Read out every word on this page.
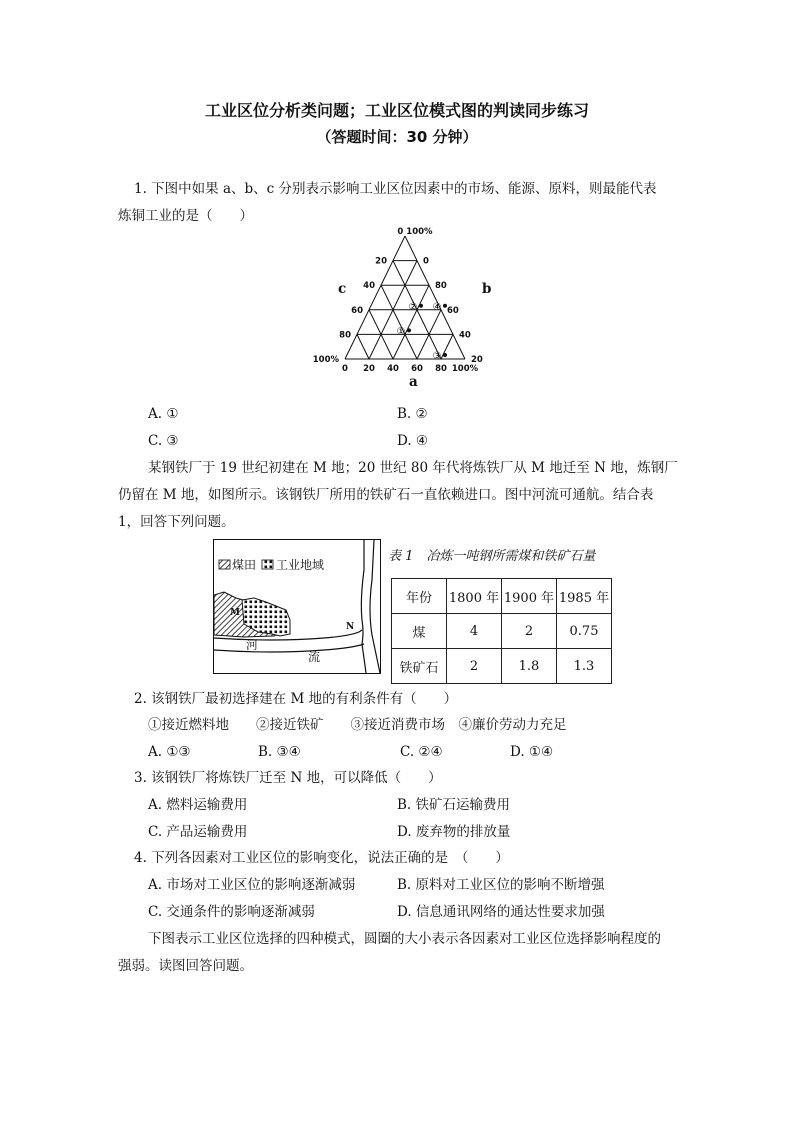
工业区位分析类问题；工业区位模式图的判读同步练习
（答题时间：30 分钟）
1. 下图中如果 a、b、c 分别表示影响工业区位因素中的市场、能源、原料，则最能代表
炼铜工业的是（　　）
0 100%
20
40
60
80
100%
0
80
60
40
20
0 20 40 60 80 100%
①
②
③
④
c	b
a
A. ①	B. ②
C. ③	D. ④
某钢铁厂于 19 世纪初建在 M 地；20 世纪 80 年代将炼铁厂从 M 地迁至 N 地，炼钢厂
仍留在 M 地，如图所示。该钢铁厂所用的铁矿石一直依赖进口。图中河流可通航。结合表
1，回答下列问题。
煤田 工业地域
M
N
河
流
表 1　冶炼一吨钢所需煤和铁矿石量
年份	1800 年	1900 年	1985 年
煤	4	2	0.75
铁矿石	2	1.8	1.3
2. 该钢铁厂最初选择建在 M 地的有利条件有（　　）
①接近燃料地　　②接近铁矿　　③接近消费市场　④廉价劳动力充足
A. ①③	B. ③④	C. ②④	D. ①④
3. 该钢铁厂将炼铁厂迁至 N 地，可以降低（　　）
A. 燃料运输费用	B. 铁矿石运输费用
C. 产品运输费用	D. 废弃物的排放量
4. 下列各因素对工业区位的影响变化，说法正确的是　（　　）
A. 市场对工业区位的影响逐渐减弱	B. 原料对工业区位的影响不断增强
C. 交通条件的影响逐渐减弱	D. 信息通讯网络的通达性要求加强
下图表示工业区位选择的四种模式，圆圈的大小表示各因素对工业区位选择影响程度的
强弱。读图回答问题。
